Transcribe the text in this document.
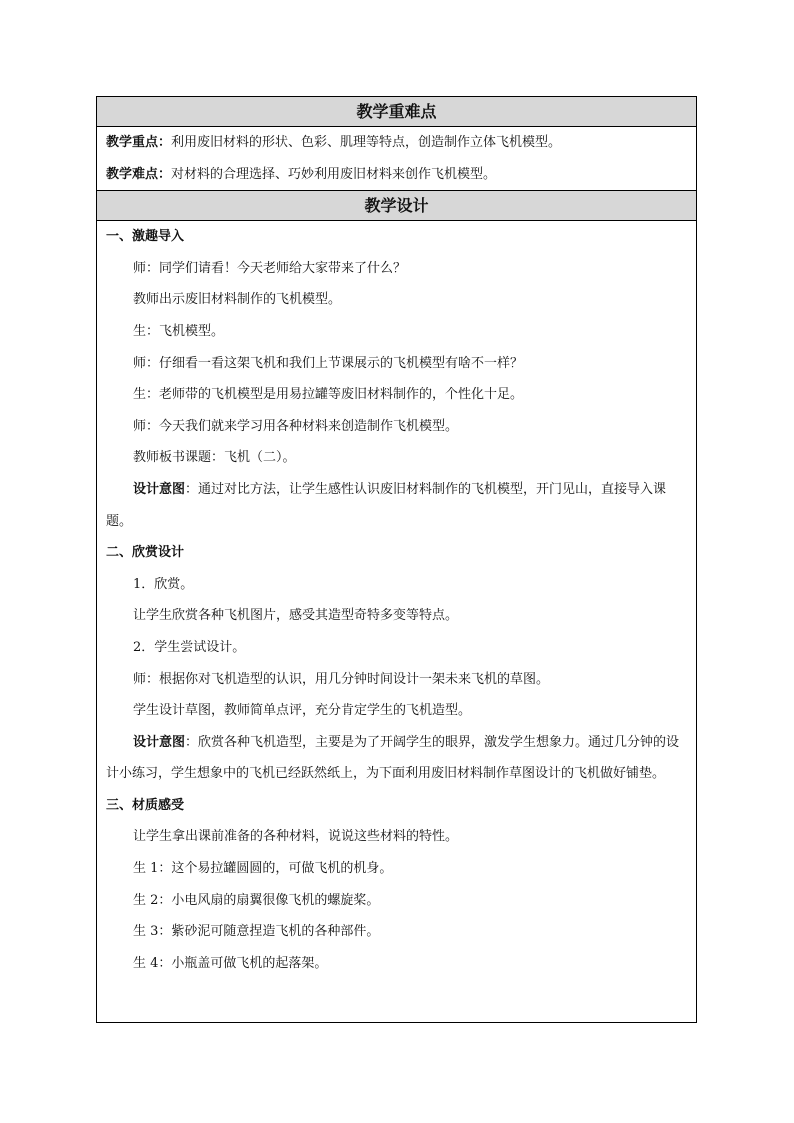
教学重难点
教学重点：利用废旧材料的形状、色彩、肌理等特点，创造制作立体飞机模型。
教学难点：对材料的合理选择、巧妙利用废旧材料来创作飞机模型。
教学设计
一、激趣导入
师：同学们请看！今天老师给大家带来了什么？
教师出示废旧材料制作的飞机模型。
生：飞机模型。
师：仔细看一看这架飞机和我们上节课展示的飞机模型有啥不一样？
生：老师带的飞机模型是用易拉罐等废旧材料制作的，个性化十足。
师：今天我们就来学习用各种材料来创造制作飞机模型。
教师板书课题：飞机（二）。
设计意图：通过对比方法，让学生感性认识废旧材料制作的飞机模型，开门见山，直接导入课题。
二、欣赏设计
1．欣赏。
让学生欣赏各种飞机图片，感受其造型奇特多变等特点。
2．学生尝试设计。
师：根据你对飞机造型的认识，用几分钟时间设计一架未来飞机的草图。
学生设计草图，教师简单点评，充分肯定学生的飞机造型。
设计意图：欣赏各种飞机造型，主要是为了开阔学生的眼界，激发学生想象力。通过几分钟的设计小练习，学生想象中的飞机已经跃然纸上，为下面利用废旧材料制作草图设计的飞机做好铺垫。
三、材质感受
让学生拿出课前准备的各种材料，说说这些材料的特性。
生 1：这个易拉罐圆圆的，可做飞机的机身。
生 2：小电风扇的扇翼很像飞机的螺旋桨。
生 3：紫砂泥可随意捏造飞机的各种部件。
生 4：小瓶盖可做飞机的起落架。
